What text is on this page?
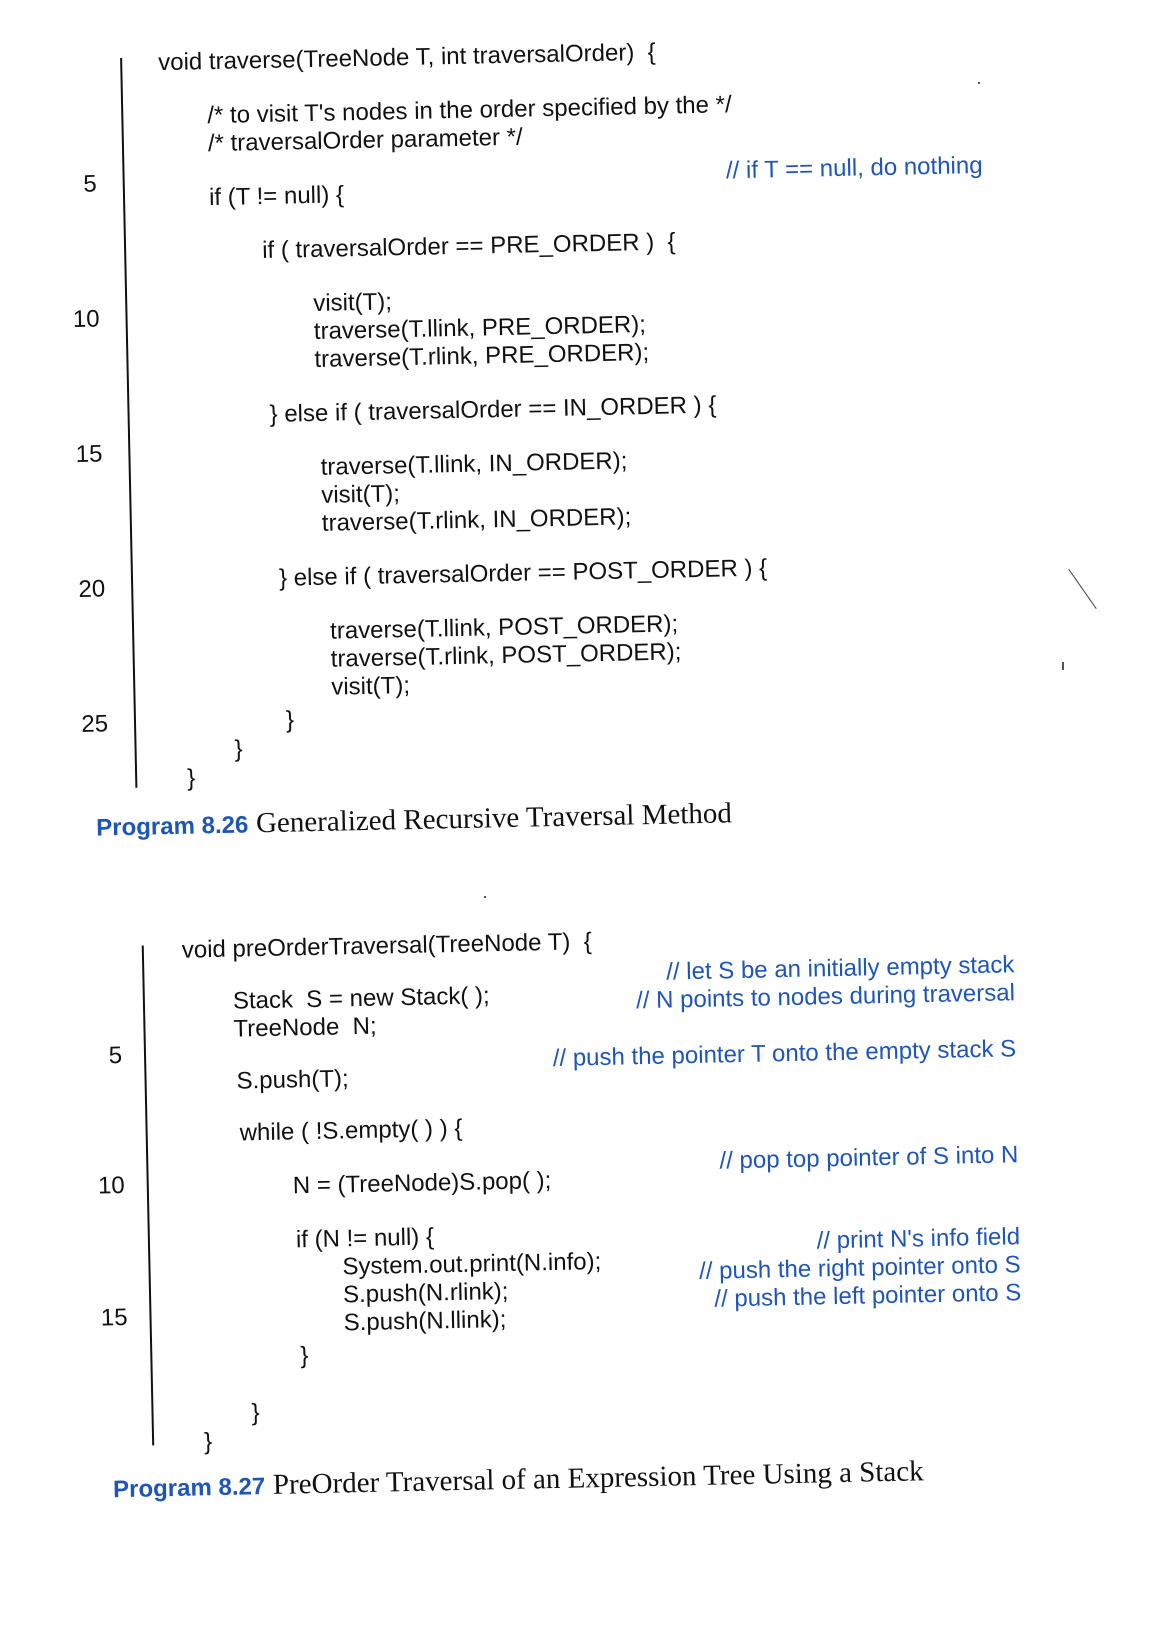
5
10
15
20
25
void traverse(TreeNode T, int traversalOrder)  {
/* to visit T's nodes in the order specified by the */
/* traversalOrder parameter */
if (T != null) {
// if T == null, do nothing
if ( traversalOrder == PRE_ORDER )  {
visit(T);
traverse(T.llink, PRE_ORDER);
traverse(T.rlink, PRE_ORDER);
} else if ( traversalOrder == IN_ORDER ) {
traverse(T.llink, IN_ORDER);
visit(T);
traverse(T.rlink, IN_ORDER);
} else if ( traversalOrder == POST_ORDER ) {
traverse(T.llink, POST_ORDER);
traverse(T.rlink, POST_ORDER);
visit(T);
}
}
}
Program 8.26 Generalized Recursive Traversal Method
5
10
15
void preOrderTraversal(TreeNode T)  {
Stack  S = new Stack( );
TreeNode  N;
// let S be an initially empty stack
// N points to nodes during traversal
S.push(T);
// push the pointer T onto the empty stack S
while ( !S.empty( ) ) {
N = (TreeNode)S.pop( );
// pop top pointer of S into N
if (N != null) {
System.out.print(N.info);
S.push(N.rlink);
S.push(N.llink);
// print N's info field
// push the right pointer onto S
// push the left pointer onto S
}
}
}
Program 8.27 PreOrder Traversal of an Expression Tree Using a Stack
